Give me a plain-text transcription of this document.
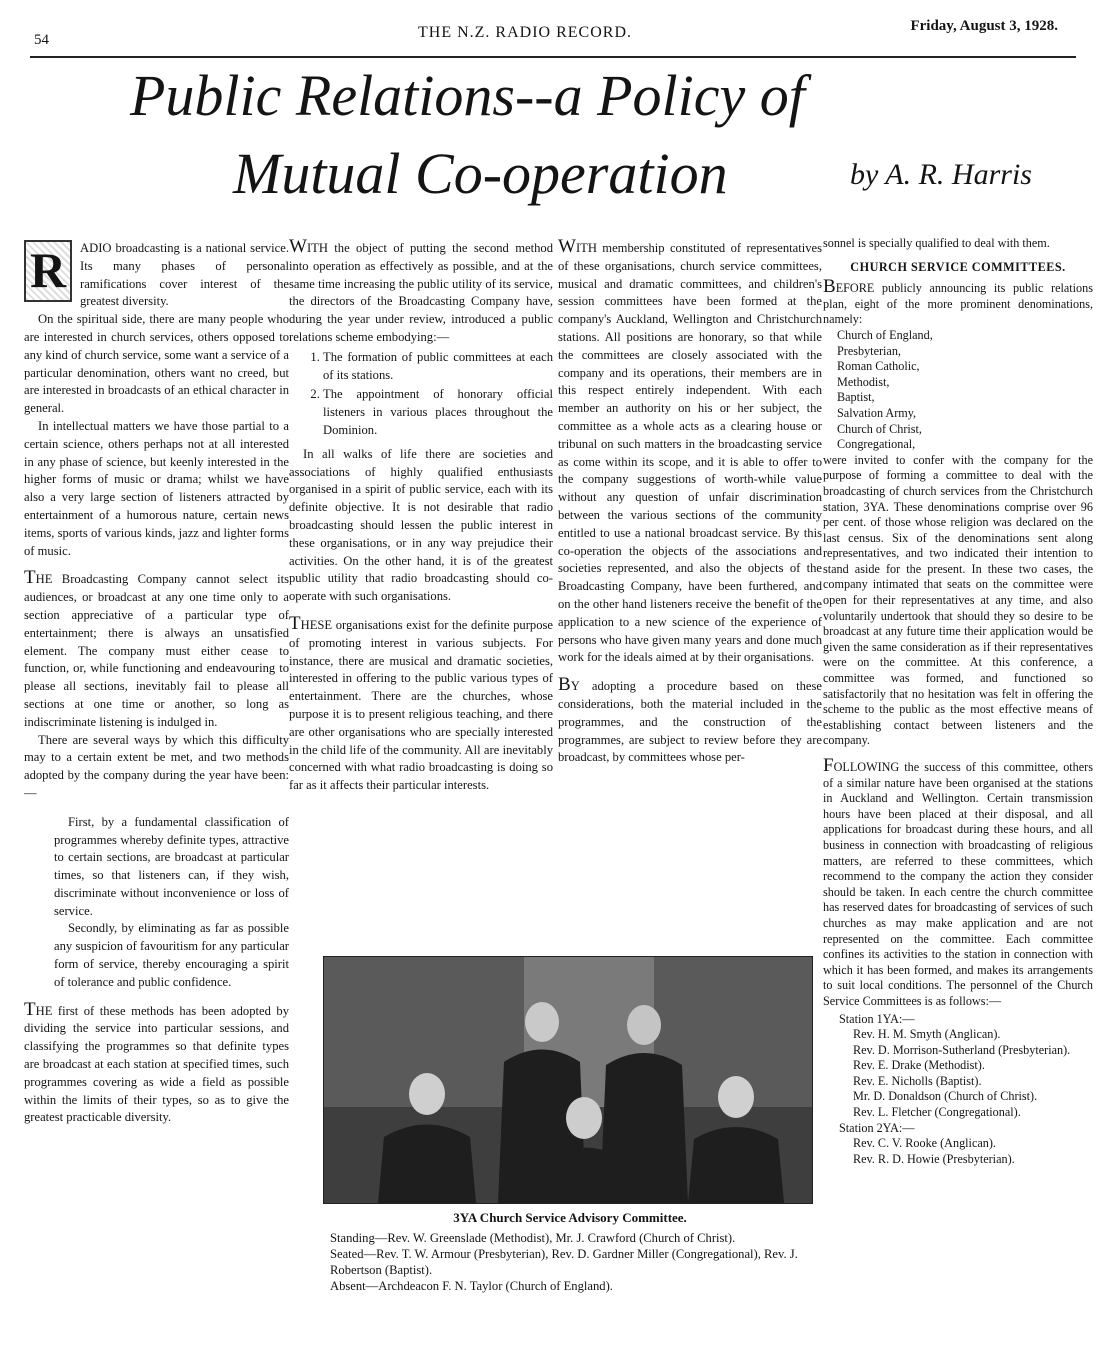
54	THE N.Z. RADIO RECORD.	Friday, August 3, 1928.
Public Relations--a Policy of
Mutual Co-operation	by A. R. Harris

R	ADIO broadcasting is a national service. Its many phases of personal ramifications cover interest of the greatest diversity.

On the spiritual side, there are many people who are interested in church services, others opposed to any kind of church service, some want a service of a particular denomination, others want no creed, but are interested in broadcasts of an ethical character in general.

In intellectual matters we have those partial to a certain science, others perhaps not at all interested in any phase of science, but keenly interested in the higher forms of music or drama; whilst we have also a very large section of listeners attracted by entertainment of a humorous nature, certain news items, sports of various kinds, jazz and lighter forms of music.

THE Broadcasting Company cannot select its audiences, or broadcast at any one time only to a section appreciative of a particular type of entertainment; there is always an unsatisfied element. The company must either cease to function, or, while functioning and endeavouring to please all sections, inevitably fail to please all sections at one time or another, so long as indiscriminate listening is indulged in.

There are several ways by which this difficulty may to a certain extent be met, and two methods adopted by the company during the year have been:—

First, by a fundamental classification of programmes whereby definite types, attractive to certain sections, are broadcast at particular times, so that listeners can, if they wish, discriminate without inconvenience or loss of service.

Secondly, by eliminating as far as possible any suspicion of favouritism for any particular form of service, thereby encouraging a spirit of tolerance and public confidence.

THE first of these methods has been adopted by dividing the service into particular sessions, and classifying the programmes so that definite types are broadcast at each station at specified times, such programmes covering as wide a field as possible within the limits of their types, so as to give the greatest practicable diversity.

WITH the object of putting the second method into operation as effectively as possible, and at the same time increasing the public utility of its service, the directors of the Broadcasting Company have, during the year under review, introduced a public relations scheme embodying:—

1. The formation of public committees at each of its stations.
2. The appointment of honorary official listeners in various places throughout the Dominion.

In all walks of life there are societies and associations of highly qualified enthusiasts organised in a spirit of public service, each with its definite objective. It is not desirable that radio broadcasting should lessen the public interest in these organisations, or in any way prejudice their activities. On the other hand, it is of the greatest public utility that radio broadcasting should co-operate with such organisations.

THESE organisations exist for the definite purpose of promoting interest in various subjects. For instance, there are musical and dramatic societies, interested in offering to the public various types of entertainment. There are the churches, whose purpose it is to present religious teaching, and there are other organisations who are specially interested in the child life of the community. All are inevitably concerned with what radio broadcasting is doing so far as it affects their particular interests.

WITH membership constituted of representatives of these organisations, church service committees, musical and dramatic committees, and children's session committees have been formed at the company's Auckland, Wellington and Christchurch stations. All positions are honorary, so that while the committees are closely associated with the company and its operations, their members are in this respect entirely independent. With each member an authority on his or her subject, the committee as a whole acts as a clearing house or tribunal on such matters in the broadcasting service as come within its scope, and it is able to offer to the company suggestions of worth-while value without any question of unfair discrimination between the various sections of the community entitled to use a national broadcast service. By this co-operation the objects of the associations and societies represented, and also the objects of the Broadcasting Company, have been furthered, and on the other hand listeners receive the benefit of the application to a new science of the experience of persons who have given many years and done much work for the ideals aimed at by their organisations.

BY adopting a procedure based on these considerations, both the material included in the programmes, and the construction of the programmes, are subject to review before they are broadcast, by committees whose per-

sonnel is specially qualified to deal with them.

CHURCH SERVICE COMMITTEES.

BEFORE publicly announcing its public relations plan, eight of the more prominent denominations, namely:

Church of England,
Presbyterian,
Roman Catholic,
Methodist,
Baptist,
Salvation Army,
Church of Christ,
Congregational,

were invited to confer with the company for the purpose of forming a committee to deal with the broadcasting of church services from the Christchurch station, 3YA. These denominations comprise over 96 per cent. of those whose religion was declared on the last census. Six of the denominations sent along representatives, and two indicated their intention to stand aside for the present. In these two cases, the company intimated that seats on the committee were open for their representatives at any time, and also voluntarily undertook that should they so desire to be broadcast at any future time their application would be given the same consideration as if their representatives were on the committee. At this conference, a committee was formed, and functioned so satisfactorily that no hesitation was felt in offering the scheme to the public as the most effective means of establishing contact between listeners and the company.

FOLLOWING the success of this committee, others of a similar nature have been organised at the stations in Auckland and Wellington. Certain transmission hours have been placed at their disposal, and all applications for broadcast during these hours, and all business in connection with broadcasting of religious matters, are referred to these committees, which recommend to the company the action they consider should be taken. In each centre the church committee has reserved dates for broadcasting of services of such churches as may make application and are not represented on the committee. Each committee confines its activities to the station in connection with which it has been formed, and makes its arrangements to suit local conditions. The personnel of the Church Service Committees is as follows:—

Station 1YA:—
Rev. H. M. Smyth (Anglican).
Rev. D. Morrison-Sutherland (Presbyterian).
Rev. E. Drake (Methodist).
Rev. E. Nicholls (Baptist).
Mr. D. Donaldson (Church of Christ).
Rev. L. Fletcher (Congregational).
Station 2YA:—
Rev. C. V. Rooke (Anglican).
Rev. R. D. Howie (Presbyterian).
3YA Church Service Advisory Committee.

Standing—Rev. W. Greenslade (Methodist), Mr. J. Crawford (Church of Christ).

Seated—Rev. T. W. Armour (Presbyterian), Rev. D. Gardner Miller (Congregational), Rev. J. Robertson (Baptist).

Absent—Archdeacon F. N. Taylor (Church of England).
